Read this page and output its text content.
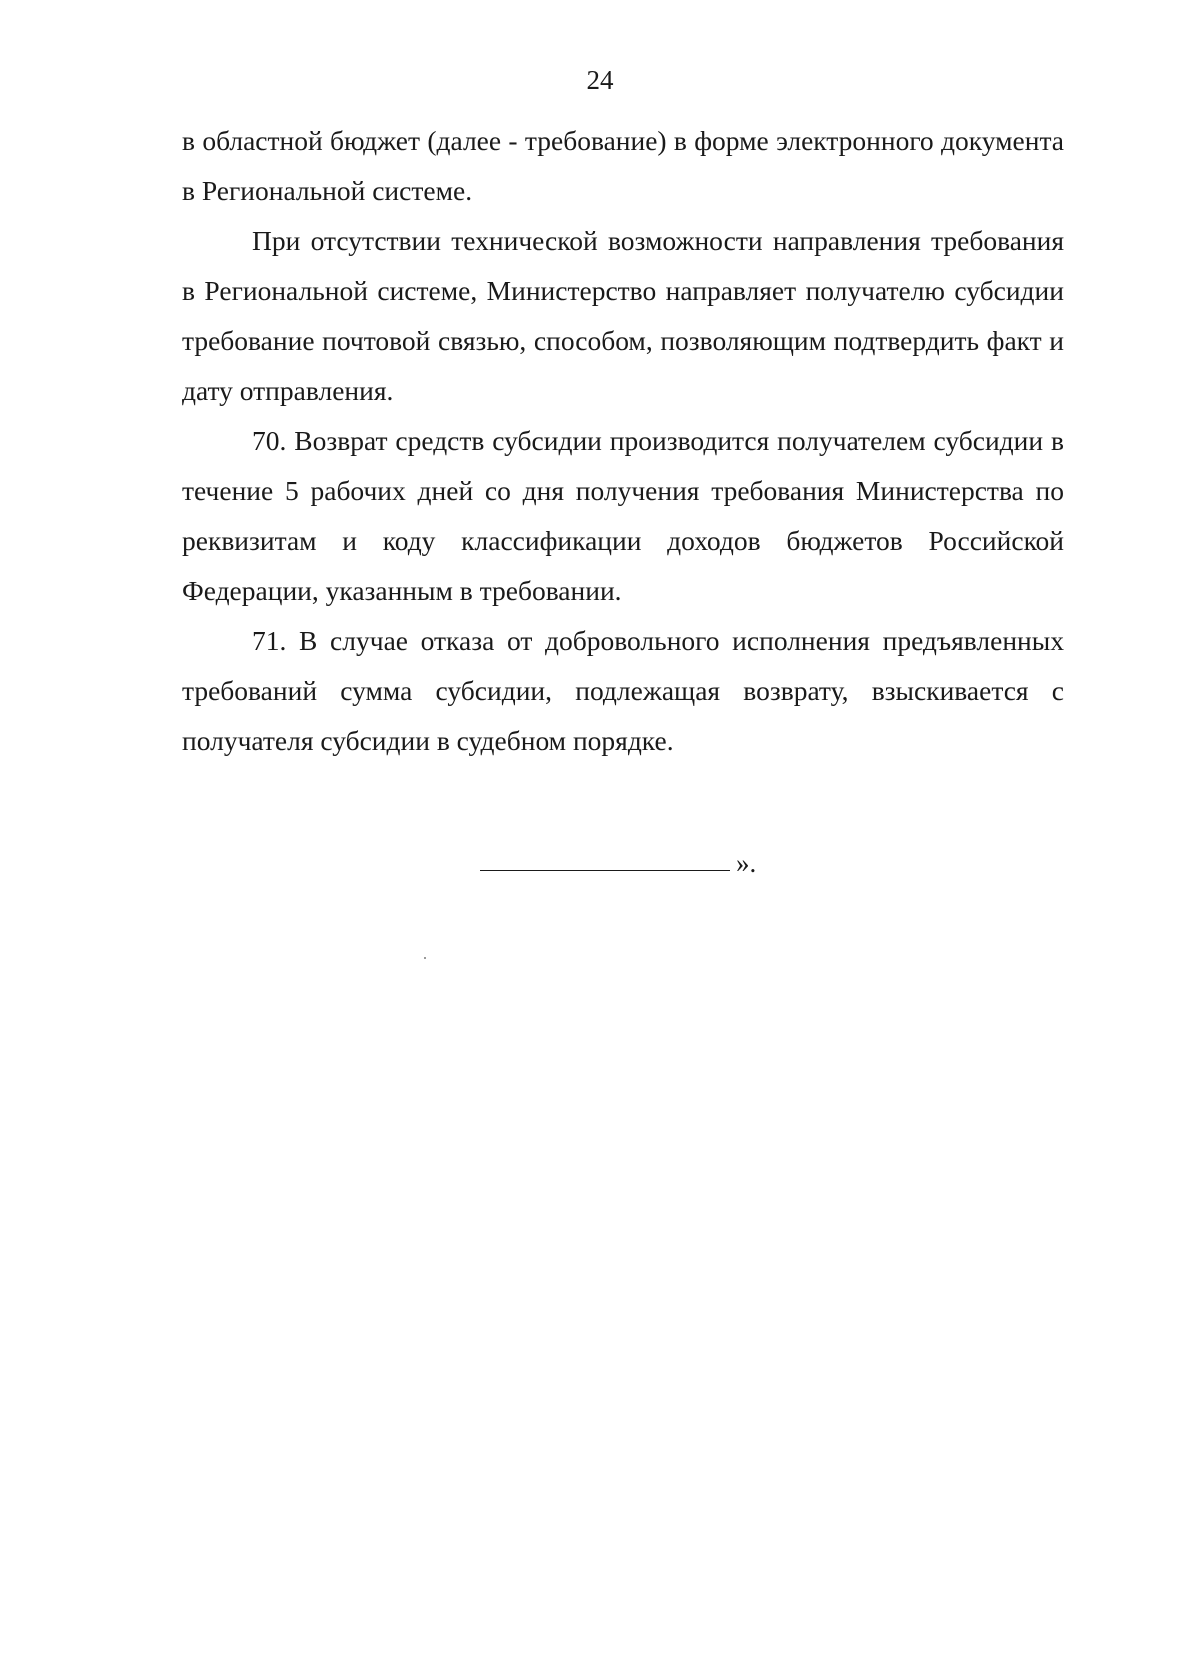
24

в областной бюджет (далее - требование) в форме электронного документа в Региональной системе.

При отсутствии технической возможности направления требования в Региональной системе, Министерство направляет получателю субсидии требование почтовой связью, способом, позволяющим подтвердить факт и дату отправления.

70. Возврат средств субсидии производится получателем субсидии в течение 5 рабочих дней со дня получения требования Министерства по реквизитам и коду классификации доходов бюджетов Российской Федерации, указанным в требовании.

71. В случае отказа от добровольного исполнения предъявленных требований сумма субсидии, подлежащая возврату, взыскивается с получателя субсидии в судебном порядке.

».
